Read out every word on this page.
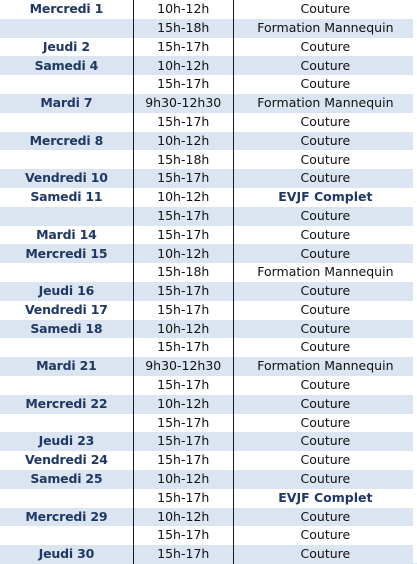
Mercredi 1	10h-12h	Couture
	15h-18h	Formation Mannequin
Jeudi 2	15h-17h	Couture
Samedi 4	10h-12h	Couture
	15h-17h	Couture
Mardi 7	9h30-12h30	Formation Mannequin
	15h-17h	Couture
Mercredi 8	10h-12h	Couture
	15h-18h	Couture
Vendredi 10	15h-17h	Couture
Samedi 11	10h-12h	EVJF Complet
	15h-17h	Couture
Mardi 14	15h-17h	Couture
Mercredi 15	10h-12h	Couture
	15h-18h	Formation Mannequin
Jeudi 16	15h-17h	Couture
Vendredi 17	15h-17h	Couture
Samedi 18	10h-12h	Couture
	15h-17h	Couture
Mardi 21	9h30-12h30	Formation Mannequin
	15h-17h	Couture
Mercredi 22	10h-12h	Couture
	15h-17h	Couture
Jeudi 23	15h-17h	Couture
Vendredi 24	15h-17h	Couture
Samedi 25	10h-12h	Couture
	15h-17h	EVJF Complet
Mercredi 29	10h-12h	Couture
	15h-17h	Couture
Jeudi 30	15h-17h	Couture
